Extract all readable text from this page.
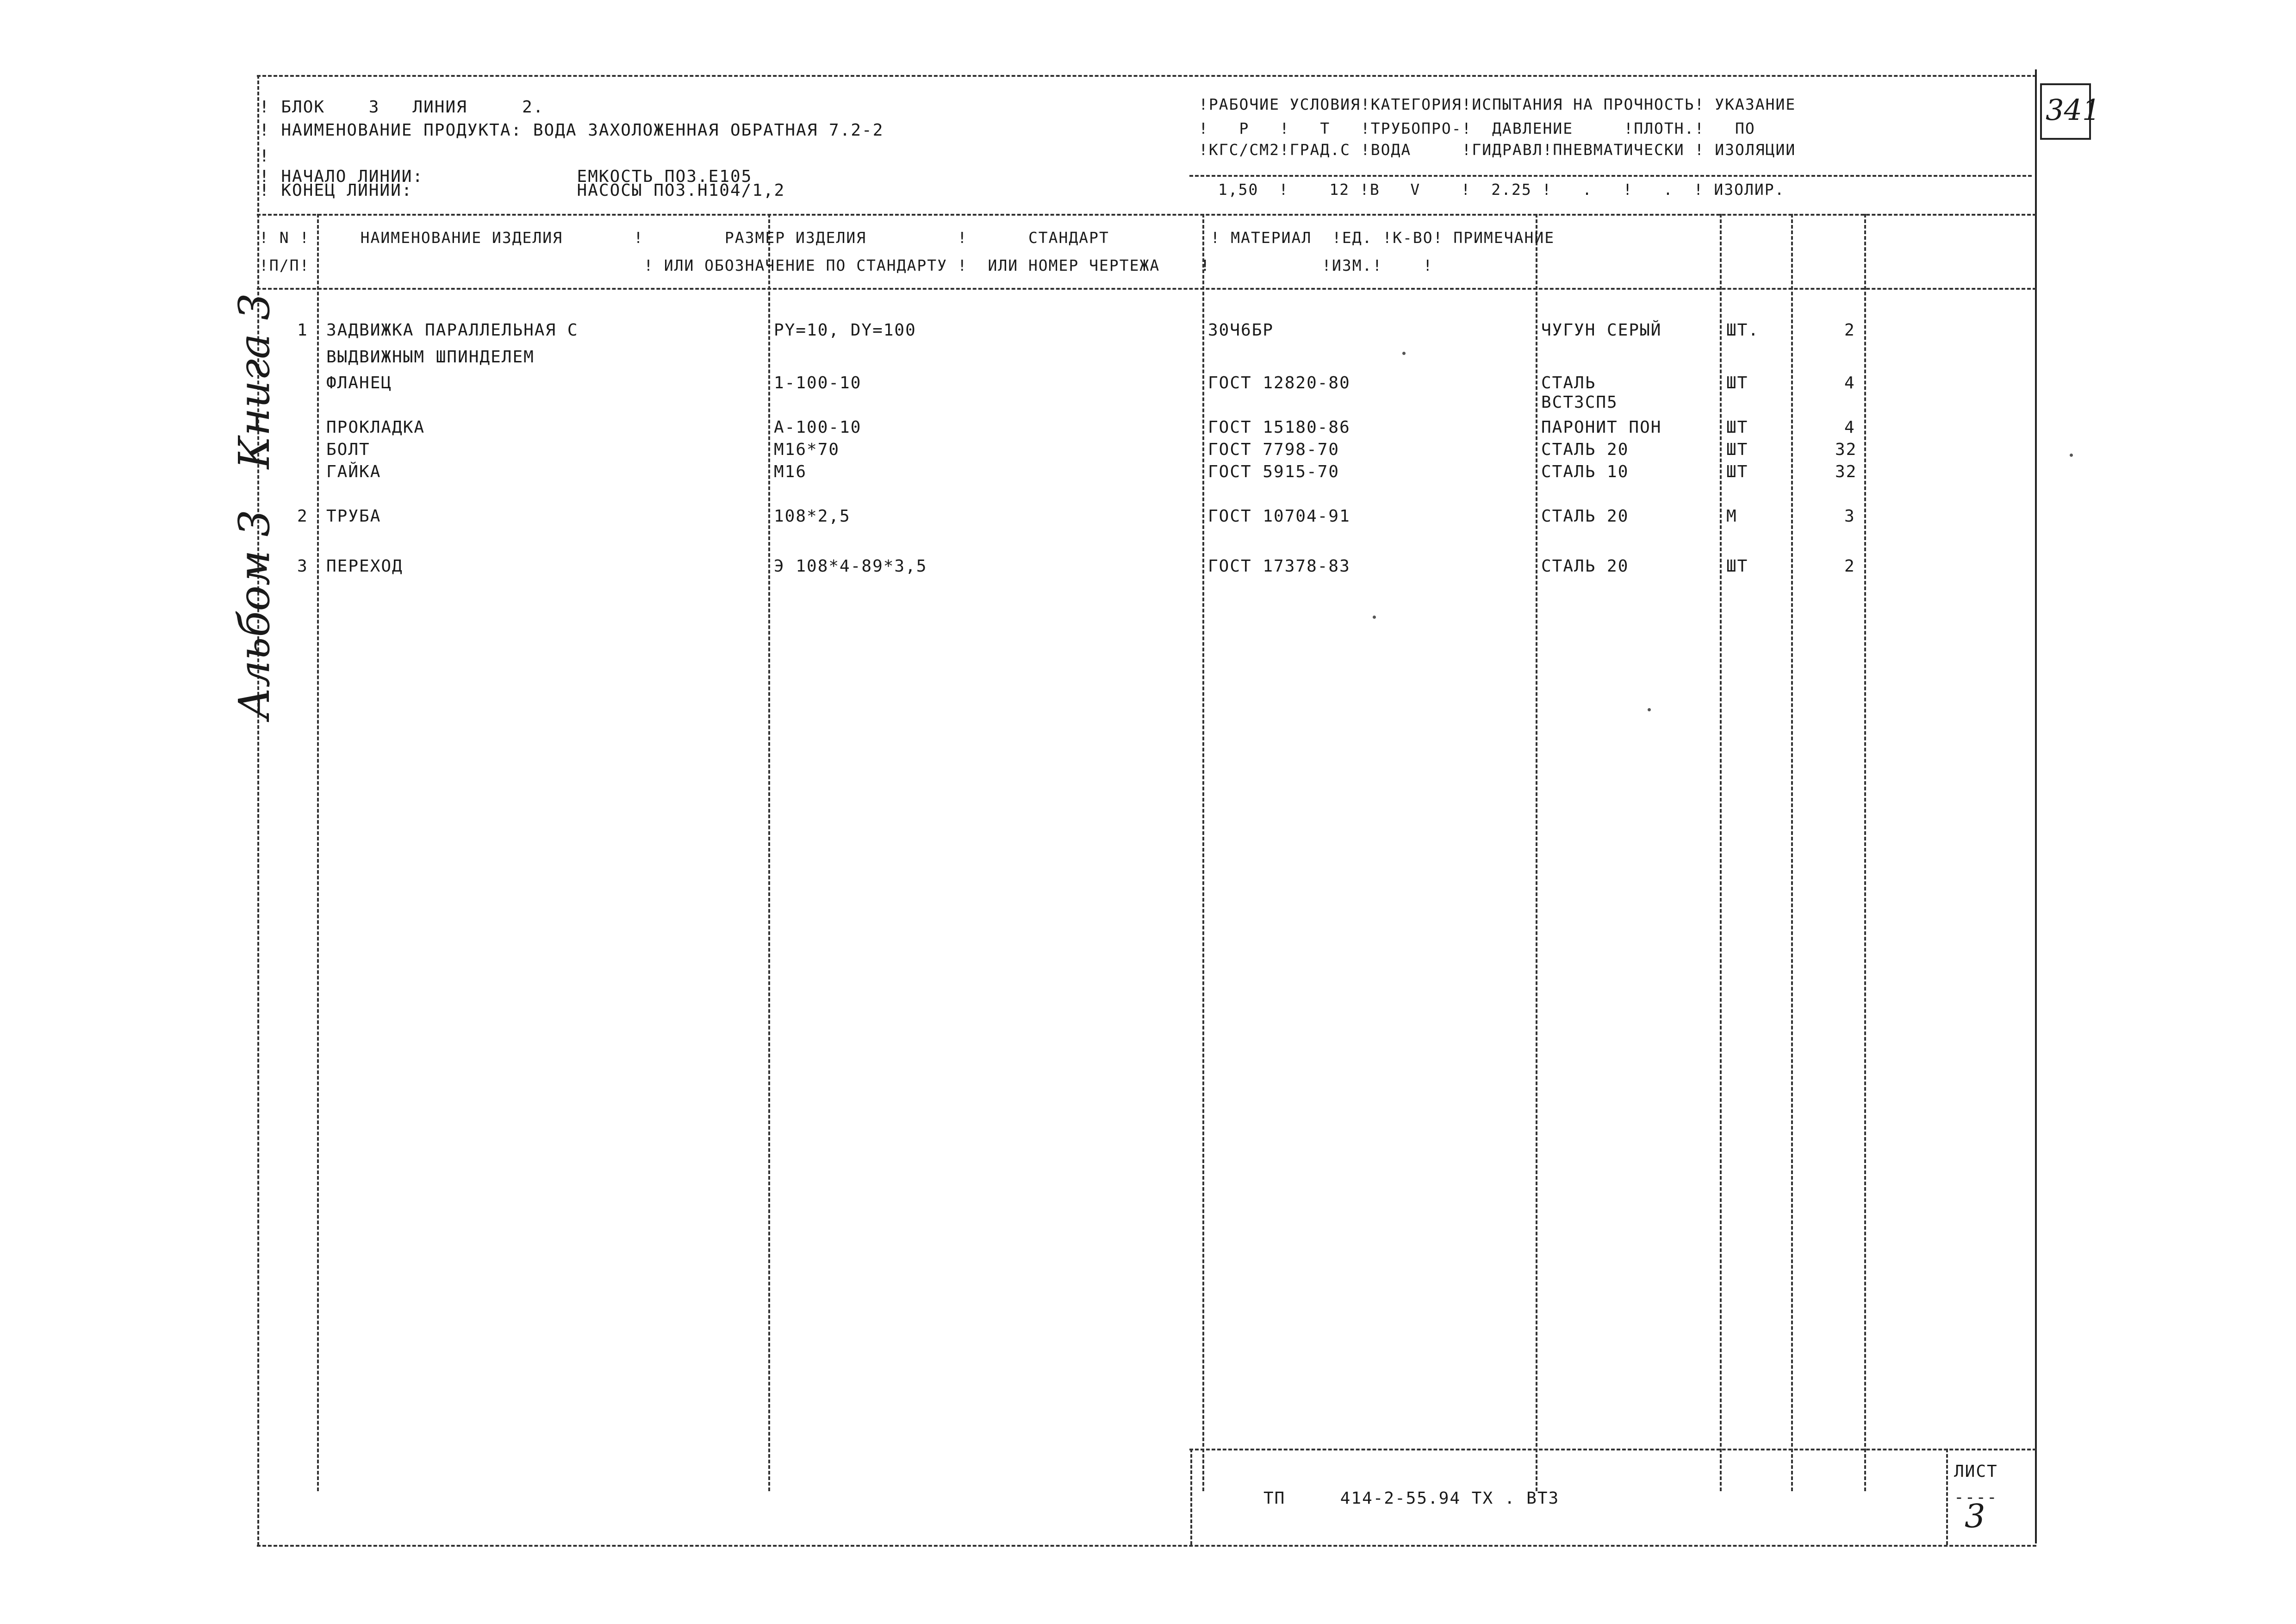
! БЛОК    3   ЛИНИЯ     2.
! НАИМЕНОВАНИЕ ПРОДУКТА: ВОДА ЗАХОЛОЖЕННАЯ ОБРАТНАЯ 7.2-2
!
! НАЧАЛО ЛИНИИ:              ЕМКОСТЬ ПОЗ.Е105
! КОНЕЦ ЛИНИИ:               НАСОСЫ ПОЗ.Н104/1,2
!РАБОЧИЕ УСЛОВИЯ!КАТЕГОРИЯ!ИСПЫТАНИЯ НА ПРОЧНОСТЬ! УКАЗАНИЕ
!   P   !   T   !ТРУБОПРО-!  ДАВЛЕНИЕ     !ПЛОТН.!   ПО
!КГС/СМ2!ГРАД.С !ВОДА     !ГИДРАВЛ!ПНЕВМАТИЧЕСКИ ! ИЗОЛЯЦИИ
1,50  !    12 !В   V    !  2.25 !   .   !   .  ! ИЗОЛИР.
! N !     НАИМЕНОВАНИЕ ИЗДЕЛИЯ       !        РАЗМЕР ИЗДЕЛИЯ         !      СТАНДАРТ          ! МАТЕРИАЛ  !ЕД. !К-ВО! ПРИМЕЧАНИЕ
!П/П!                                 ! ИЛИ ОБОЗНАЧЕНИЕ ПО СТАНДАРТУ !  ИЛИ НОМЕР ЧЕРТЕЖА    !           !ИЗМ.!    !
1 ЗАДВИЖКА ПАРАЛЛЕЛЬНАЯ С	PY=10, DY=100	30Ч6БР	ЧУГУН СЕРЫЙ	ШТ.	2
ВЫДВИЖНЫМ ШПИНДЕЛЕМ
ФЛАНЕЦ	1-100-10	ГОСТ 12820-80	СТАЛЬ	ШТ	4
ВСТ3СП5
ПРОКЛАДКА	А-100-10	ГОСТ 15180-86	ПАРОНИТ ПОН	ШТ	4
БОЛТ	М16*70	ГОСТ 7798-70	СТАЛЬ 20	ШТ	32
ГАЙКА	М16	ГОСТ 5915-70	СТАЛЬ 10	ШТ	32
2 ТРУБА	108*2,5	ГОСТ 10704-91	СТАЛЬ 20	М	3
3 ПЕРЕХОД	Э 108*4-89*3,5	ГОСТ 17378-83	СТАЛЬ 20	ШТ	2
ТП     414-2-55.94 ТХ . ВТ3
ЛИСТ
----
3
341
Альбом 3   Книга 3
